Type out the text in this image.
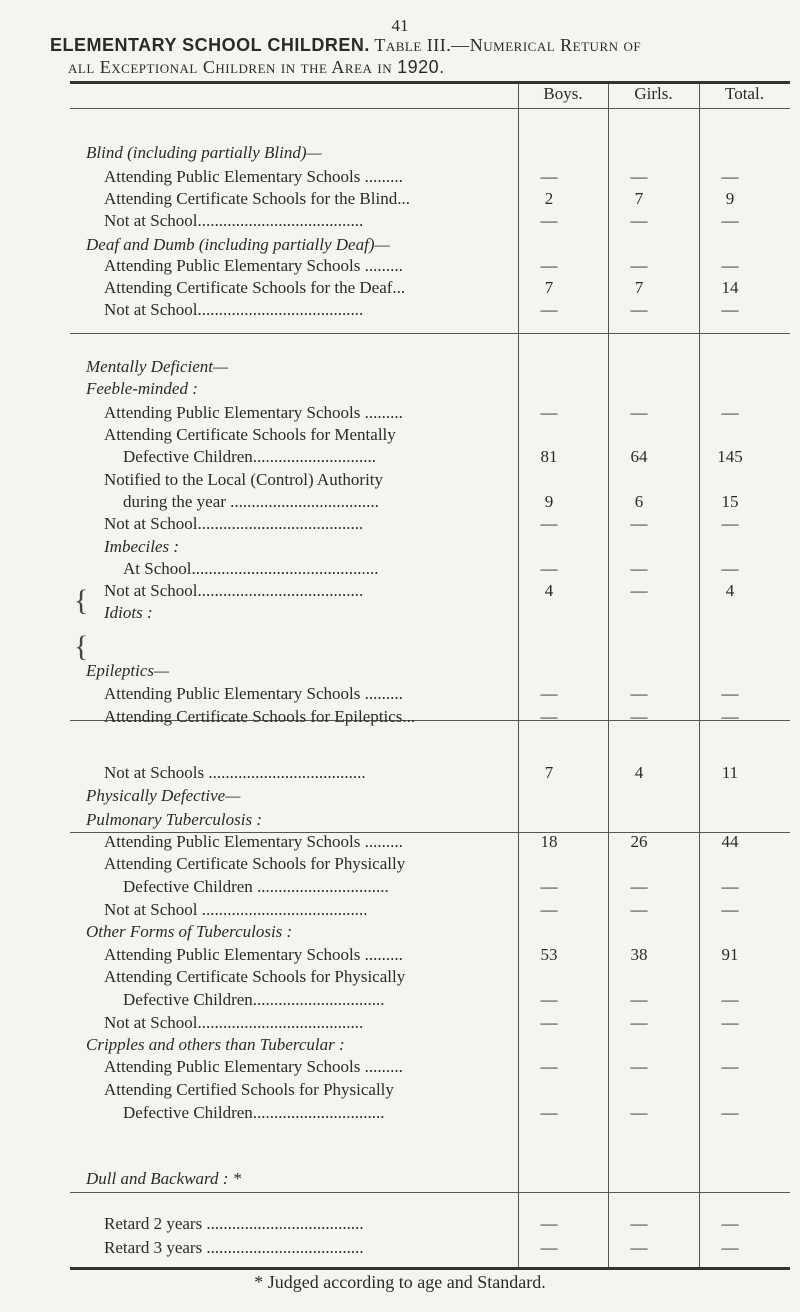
41
ELEMENTARY SCHOOL CHILDREN. Table III.—Numerical Return of
all Exceptional Children in the Area in 1920.
Boys.	Girls.	Total.
{
{
Blind (including partially Blind)—
Attending Public Elementary Schools .........	—	—	—
Attending Certificate Schools for the Blind...	2	7	9
Not at School.......................................	—	—	—
Deaf and Dumb (including partially Deaf)—
Attending Public Elementary Schools .........	—	—	—
Attending Certificate Schools for the Deaf...	7	7	14
Not at School.......................................	—	—	—
Mentally Deficient—
Feeble-minded :
Attending Public Elementary Schools .........	—	—	—
Attending Certificate Schools for Mentally
Defective Children.............................	81	64	145
Notified to the Local (Control) Authority
during the year ...................................	9	6	15
Not at School.......................................	—	—	—
Imbeciles :
At School............................................	—	—	—
Not at School.......................................	4	—	4
Idiots :
Epileptics—
Attending Public Elementary Schools .........	—	—	—
Attending Certificate Schools for Epileptics...	—	—	—
Not at Schools .....................................	7	4	11
Physically Defective—
Pulmonary Tuberculosis :
Attending Public Elementary Schools .........	18	26	44
Attending Certificate Schools for Physically
Defective Children ...............................	—	—	—
Not at School .......................................	—	—	—
Other Forms of Tuberculosis :
Attending Public Elementary Schools .........	53	38	91
Attending Certificate Schools for Physically
Defective Children...............................	—	—	—
Not at School.......................................	—	—	—
Cripples and others than Tubercular :
Attending Public Elementary Schools .........	—	—	—
Attending Certified Schools for Physically
Defective Children...............................	—	—	—
Dull and Backward : *
Retard 2 years .....................................	—	—	—
Retard 3 years .....................................	—	—	—
* Judged according to age and Standard.
